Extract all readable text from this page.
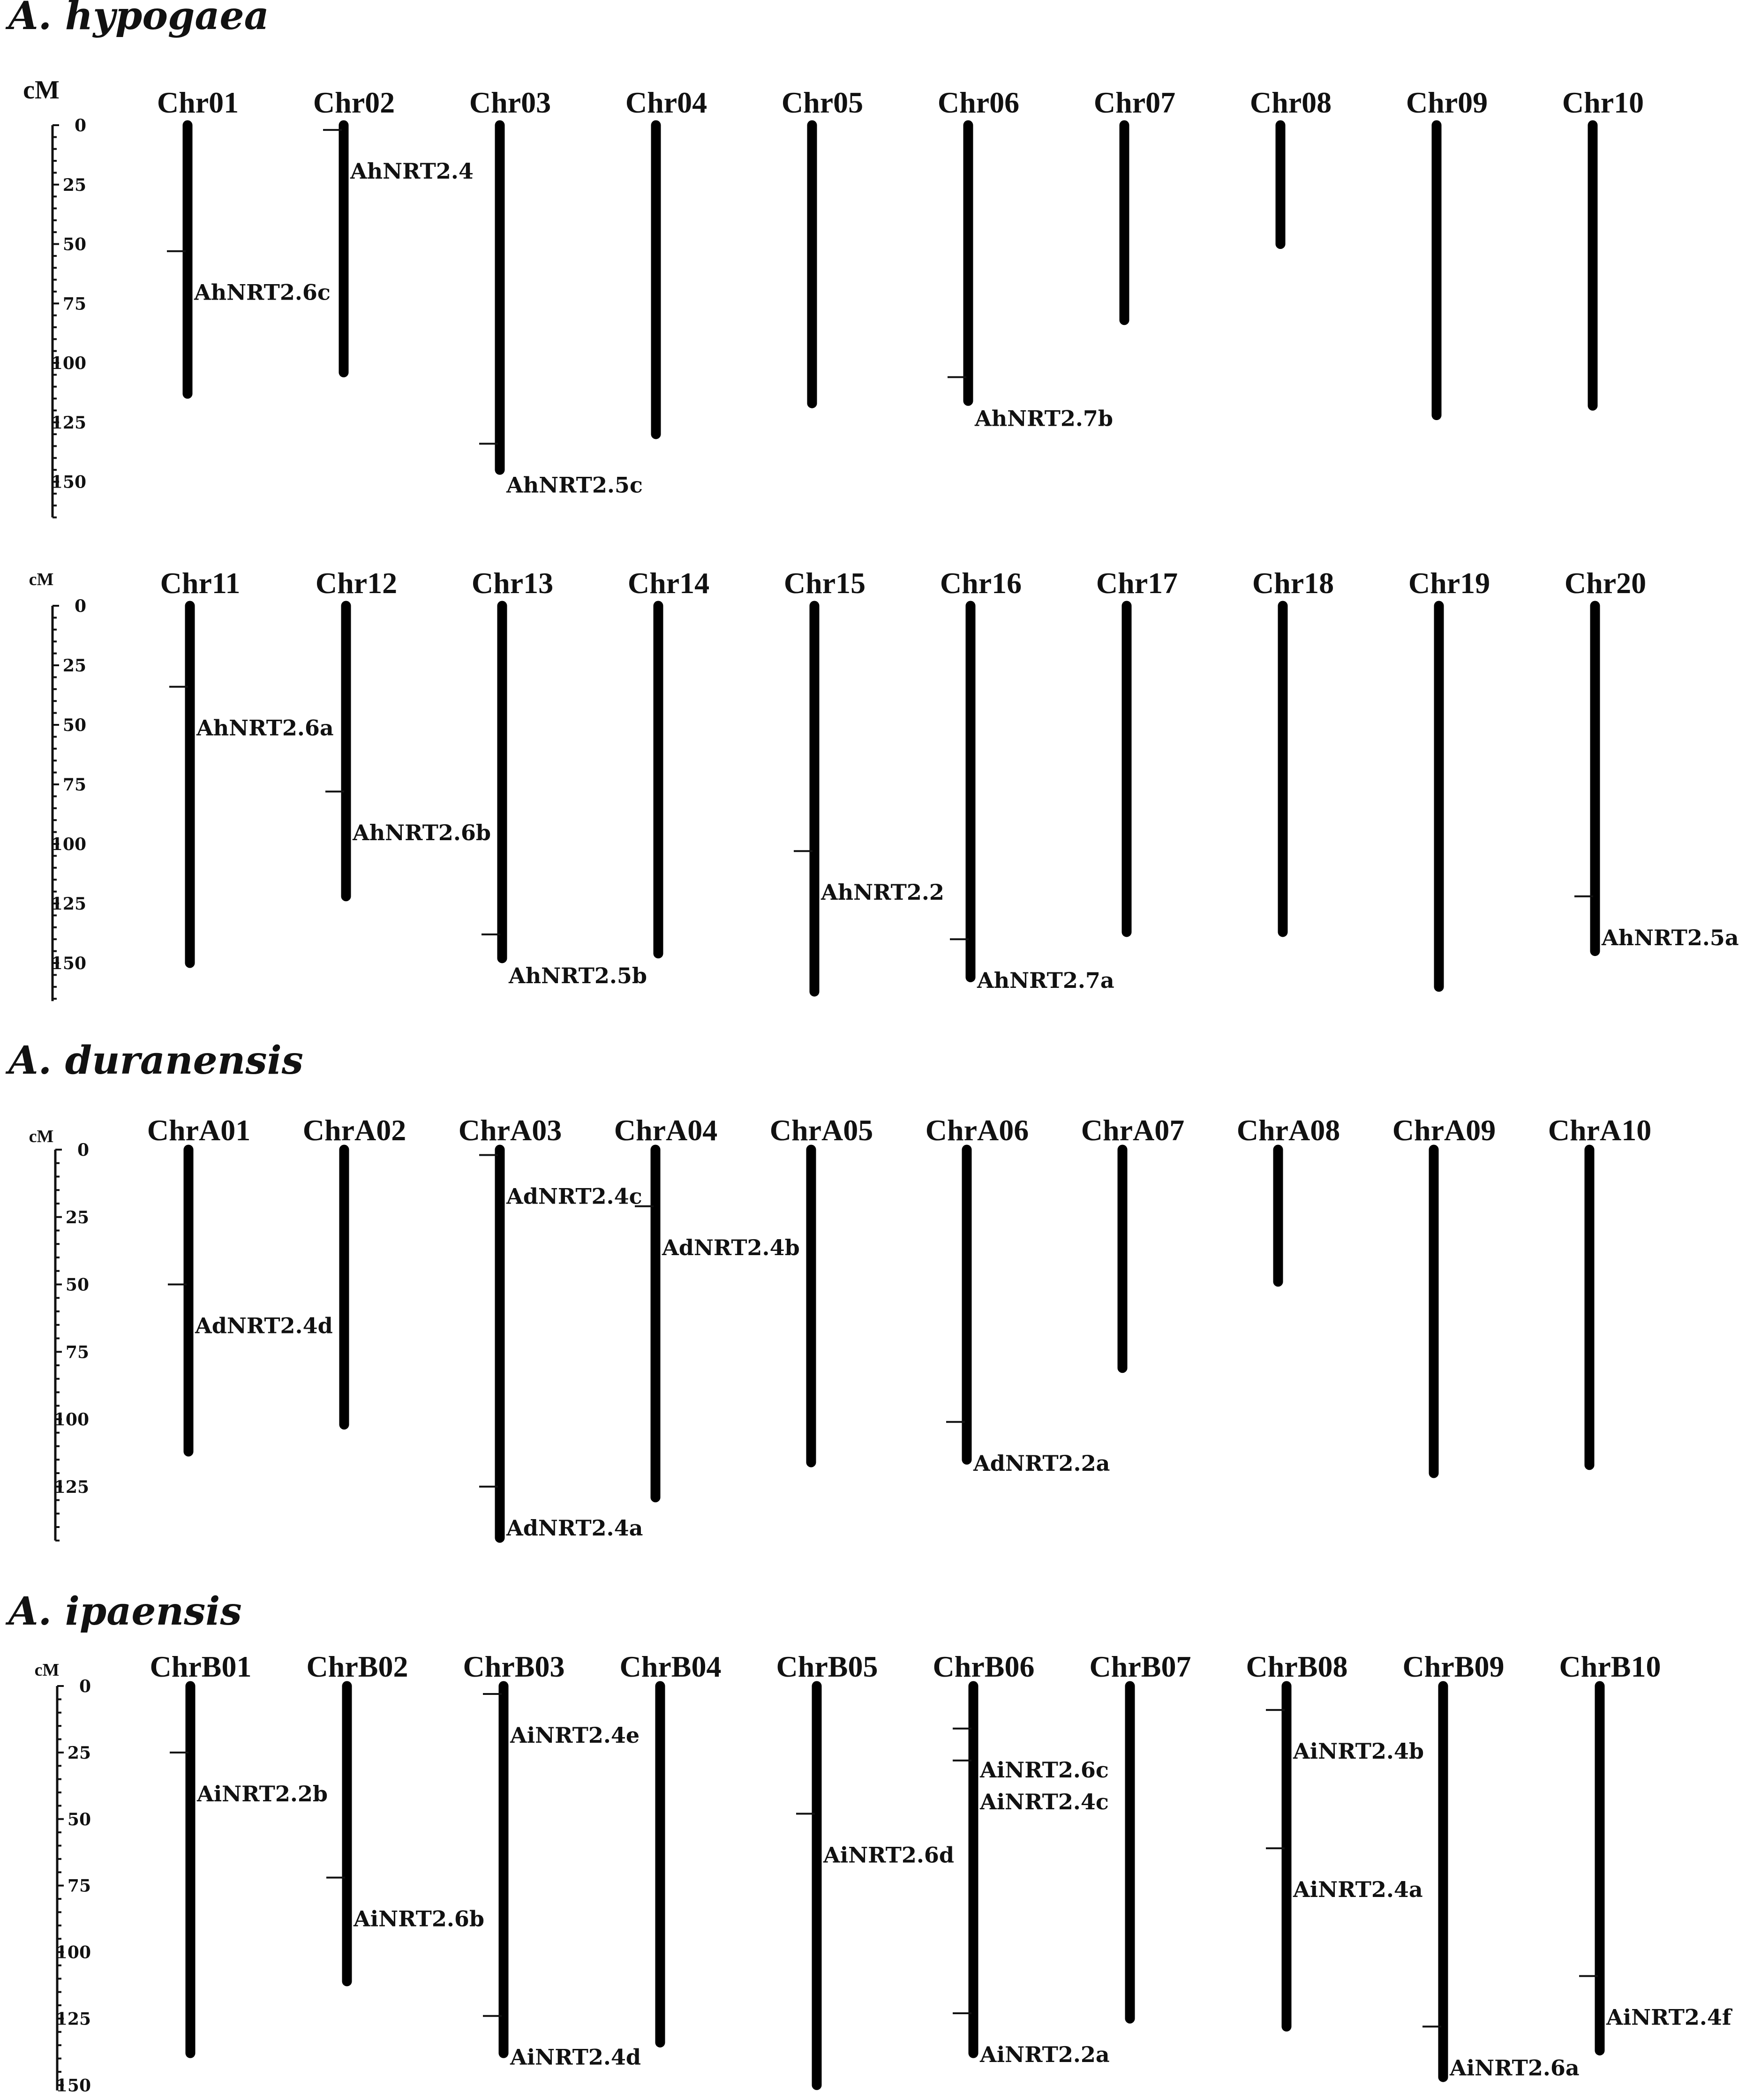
A. hypogaea
cM
0
25
50
75
100
125
150
Chr01
AhNRT2.6c
Chr02
AhNRT2.4
Chr03
AhNRT2.5c
Chr04 Chr05 Chr06
AhNRT2.7b
Chr07 Chr08 Chr09 Chr10
cM
0
25
50
75
100
125
150
Chr11
AhNRT2.6a
Chr12
AhNRT2.6b
Chr13
AhNRT2.5b
Chr14 Chr15
AhNRT2.2
Chr16
AhNRT2.7a
Chr17 Chr18 Chr19 Chr20
AhNRT2.5a
A. duranensis
cM
0
25
50
75
100
125
ChrA01
AdNRT2.4d
ChrA02 ChrA03
AdNRT2.4c
AdNRT2.4a
ChrA04
AdNRT2.4b
ChrA05 ChrA06
AdNRT2.2a
ChrA07 ChrA08 ChrA09 ChrA10
A. ipaensis
cM
0
25
50
75
100
125
150
ChrB01
AiNRT2.2b
ChrB02
AiNRT2.6b
ChrB03
AiNRT2.4e
AiNRT2.4d
ChrB04 ChrB05
AiNRT2.6d
ChrB06
AiNRT2.6c
AiNRT2.4c
AiNRT2.2a
ChrB07 ChrB08
AiNRT2.4b
AiNRT2.4a
ChrB09
AiNRT2.6a
ChrB10
AiNRT2.4f
